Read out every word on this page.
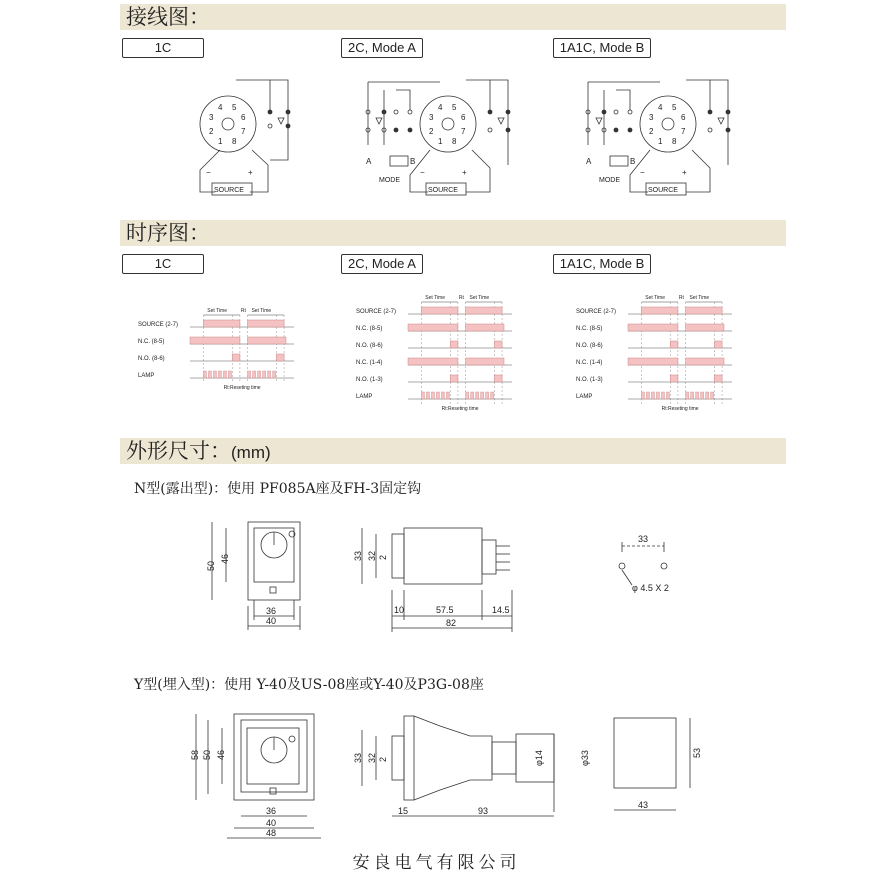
接线图：
时序图：
外形尺寸：(mm)
1C	2C, Mode A	1A1C, Mode B
1C	2C, Mode A	1A1C, Mode B
4 5
3	6
2	7
1 8
−	+
SOURCE
4 5
3	6
2	7
1 8
A	B
MODE
−	+
SOURCE
4 5
3	6
2	7
1 8
A	B
MODE
−	+
SOURCE
Set Time	Rt Set Time
SOURCE (2-7)
N.C. (8-5)
N.O. (8-6)
LAMP
Rt:Reseting time
Set Time	Rt Set Time
SOURCE (2-7)
N.C. (8-5)
N.O. (8-6)
N.C. (1-4)
N.O. (1-3)
LAMP
Rt:Reseting time
Set Time	Rt Set Time
SOURCE (2-7)
N.C. (8-5)
N.O. (8-6)
N.C. (1-4)
N.O. (1-3)
LAMP
Rt:Reseting time
N型(露出型)：使用 PF085A座及FH-3固定钩
Y型(埋入型)：使用 Y-40及US-08座或Y-40及P3G-08座
安良电气有限公司
50
46
36
40
33 32 2
10	57.5	14.5
82
33
φ 4.5 X 2
58 50 46
36
40
48
33 32 2
15	93
φ14	φ33	53
43
